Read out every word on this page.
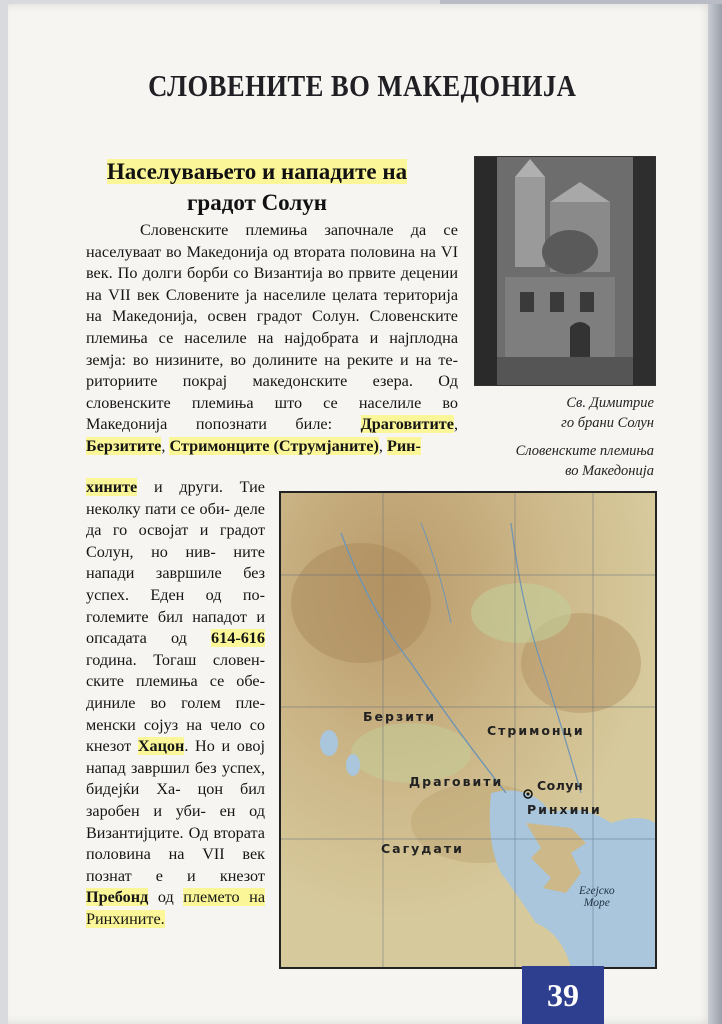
СЛОВЕНИТЕ ВО МАКЕДОНИЈА
Населувањето и нападите на
градот Солун

Словенските племиња започнале да се населуваат во Македонија од втората половина на VI век. По долги борби со Византија во првите децении на VII век Словените ја населиле целата територија на Македонија, освен градот Солун. Словенските племиња се населиле на најдобрата и најплодна земја: во низините, во долините на реките и на те-риториите покрај македонските езера. Од словенските племиња што се населиле во Македонија попознати биле: Драговитите, Берзитите, Стримонците (Струмјаните), Рин-

хините и други. Тие неколку пати се оби- деле да го освојат и градот Солун, но нив- ните напади завршиле без успех. Еден од по- големите бил нападот и опсадата од 614-616 година. Тогаш словен- ските племиња се обе- диниле во голем пле- менски сојуз на чело со кнезот Хацон. Но и овој напад завршил без успех, бидејќи Ха- цон бил заробен и уби- ен од Византијците. Од втората половина на VII век познат е и кнезот Пребонд од племето на Ринхините.
Св. Димитрие
го брани Солун
Словенските племиња
во Македонија
Берзити
Стримонци
Драговити	Солун
Ринхини
Сагудати
Егејско
Море
39
